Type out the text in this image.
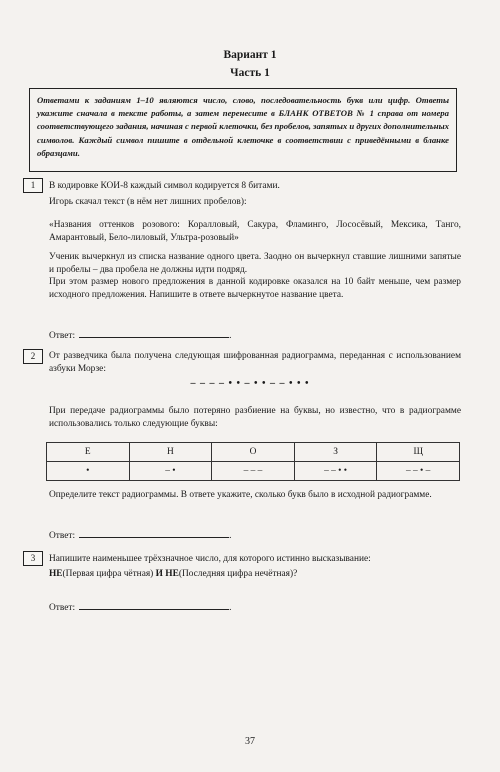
Вариант 1
Часть 1
Ответами к заданиям 1–10 являются число, слово, последовательность букв или цифр. Ответы укажите сначала в тексте работы, а затем перенесите в БЛАНК ОТВЕТОВ № 1 справа от номера соответствующего задания, начиная с первой клеточки, без пробелов, запятых и других дополнительных символов. Каждый символ пишите в отдельной клеточке в соответствии с приведёнными в бланке образцами.
1	В кодировке КОИ-8 каждый символ кодируется 8 битами.
Игорь скачал текст (в нём нет лишних пробелов):
«Названия оттенков розового: Коралловый, Сакура, Фламинго, Лососёвый, Мексика, Танго, Амарантовый, Бело-лиловый, Ультра-розовый»
Ученик вычеркнул из списка название одного цвета. Заодно он вычеркнул ставшие лишними запятые и пробелы – два пробела не должны идти подряд.
При этом размер нового предложения в данной кодировке оказался на 10 байт меньше, чем размер исходного предложения. Напишите в ответе вычеркнутое название цвета.
Ответ:	.
2	От разведчика была получена следующая шифрованная радиограмма, переданная с использованием азбуки Морзе:
– – – – • • – • • – – • • •
При передаче радиограммы было потеряно разбиение на буквы, но известно, что в радиограмме использовались только следующие буквы:
Е	Н	О	З	Щ
•	– •	– – –	– – • •	– – • –
Определите текст радиограммы. В ответе укажите, сколько букв было в исходной радиограмме.
Ответ:	.
3	Напишите наименьшее трёхзначное число, для которого истинно высказывание:
НЕ(Первая цифра чётная) И НЕ(Последняя цифра нечётная)?
Ответ:	.
37
